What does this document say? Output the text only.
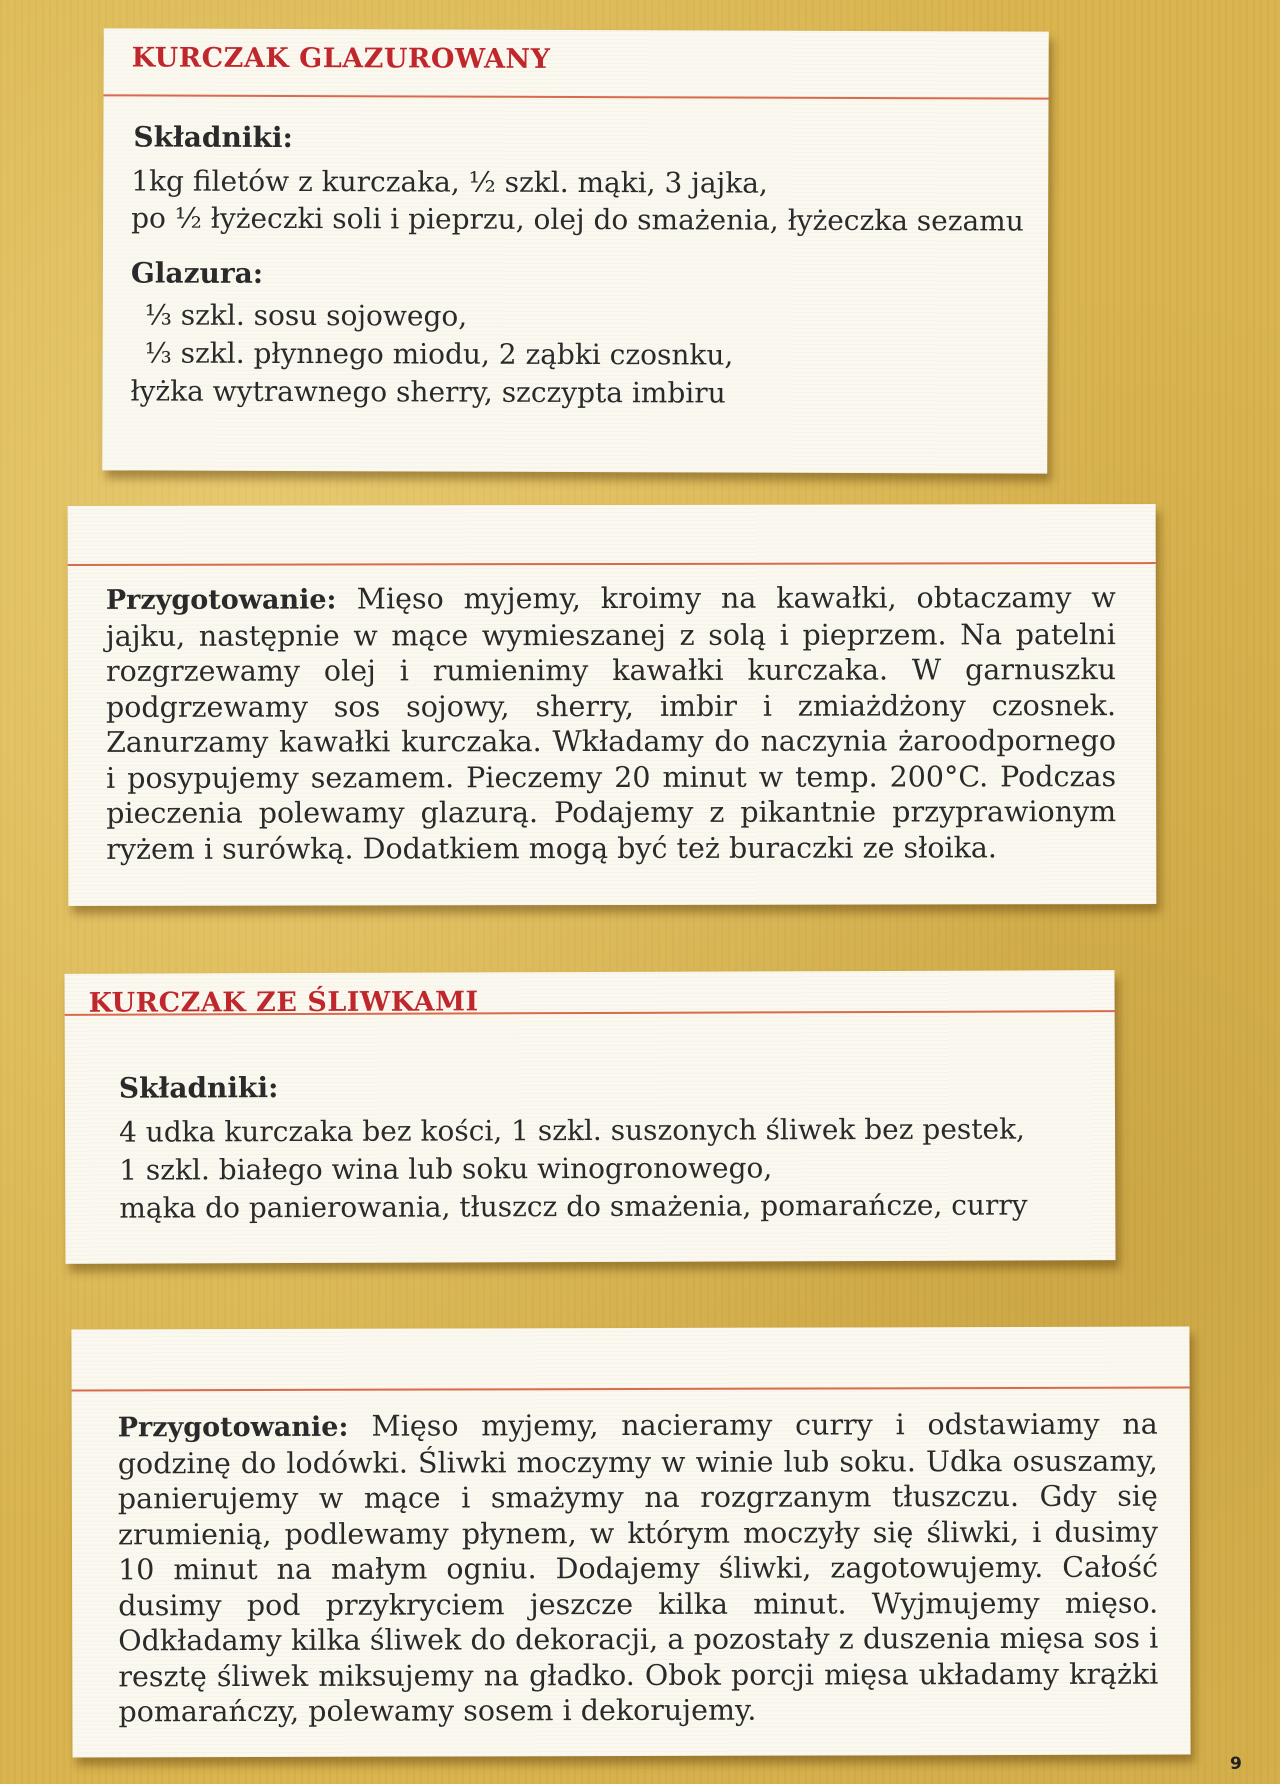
KURCZAK GLAZUROWANY

Składniki:

1kg filetów z kurczaka, ½ szkl. mąki, 3 jajka,
po ½ łyżeczki soli i pieprzu, olej do smażenia, łyżeczka sezamu

Glazura:

⅓ szkl. sosu sojowego,
⅓ szkl. płynnego miodu, 2 ząbki czosnku,
łyżka wytrawnego sherry, szczypta imbiru

Przygotowanie: Mięso myjemy, kroimy na kawałki, obtaczamy w jajku, następnie w mące wymieszanej z solą i pieprzem. Na patelni rozgrzewamy olej i rumienimy kawałki kurczaka. W garnuszku podgrzewamy sos sojowy, sherry, imbir i zmiażdżony czosnek. Zanurzamy kawałki kurczaka. Wkładamy do naczynia żaroodpornego i posypujemy sezamem. Pieczemy 20 minut w temp. 200°C. Podczas pieczenia polewamy glazurą. Podajemy z pikantnie przyprawionym ryżem i surówką. Dodatkiem mogą być też buraczki ze słoika.

KURCZAK ZE ŚLIWKAMI

Składniki:

4 udka kurczaka bez kości, 1 szkl. suszonych śliwek bez pestek,
1 szkl. białego wina lub soku winogronowego,
mąka do panierowania, tłuszcz do smażenia, pomarańcze, curry

Przygotowanie: Mięso myjemy, nacieramy curry i odstawiamy na godzinę do lodówki. Śliwki moczymy w winie lub soku. Udka osuszamy, panierujemy w mące i smażymy na rozgrzanym tłuszczu. Gdy się zrumienią, podlewamy płynem, w którym moczyły się śliwki, i dusimy 10 minut na małym ogniu. Dodajemy śliwki, zagotowujemy. Całość dusimy pod przykryciem jeszcze kilka minut. Wyjmujemy mięso. Odkładamy kilka śliwek do dekoracji, a pozostały z duszenia mięsa sos i resztę śliwek miksujemy na gładko. Obok porcji mięsa układamy krążki pomarańczy, polewamy sosem i dekorujemy.

9
